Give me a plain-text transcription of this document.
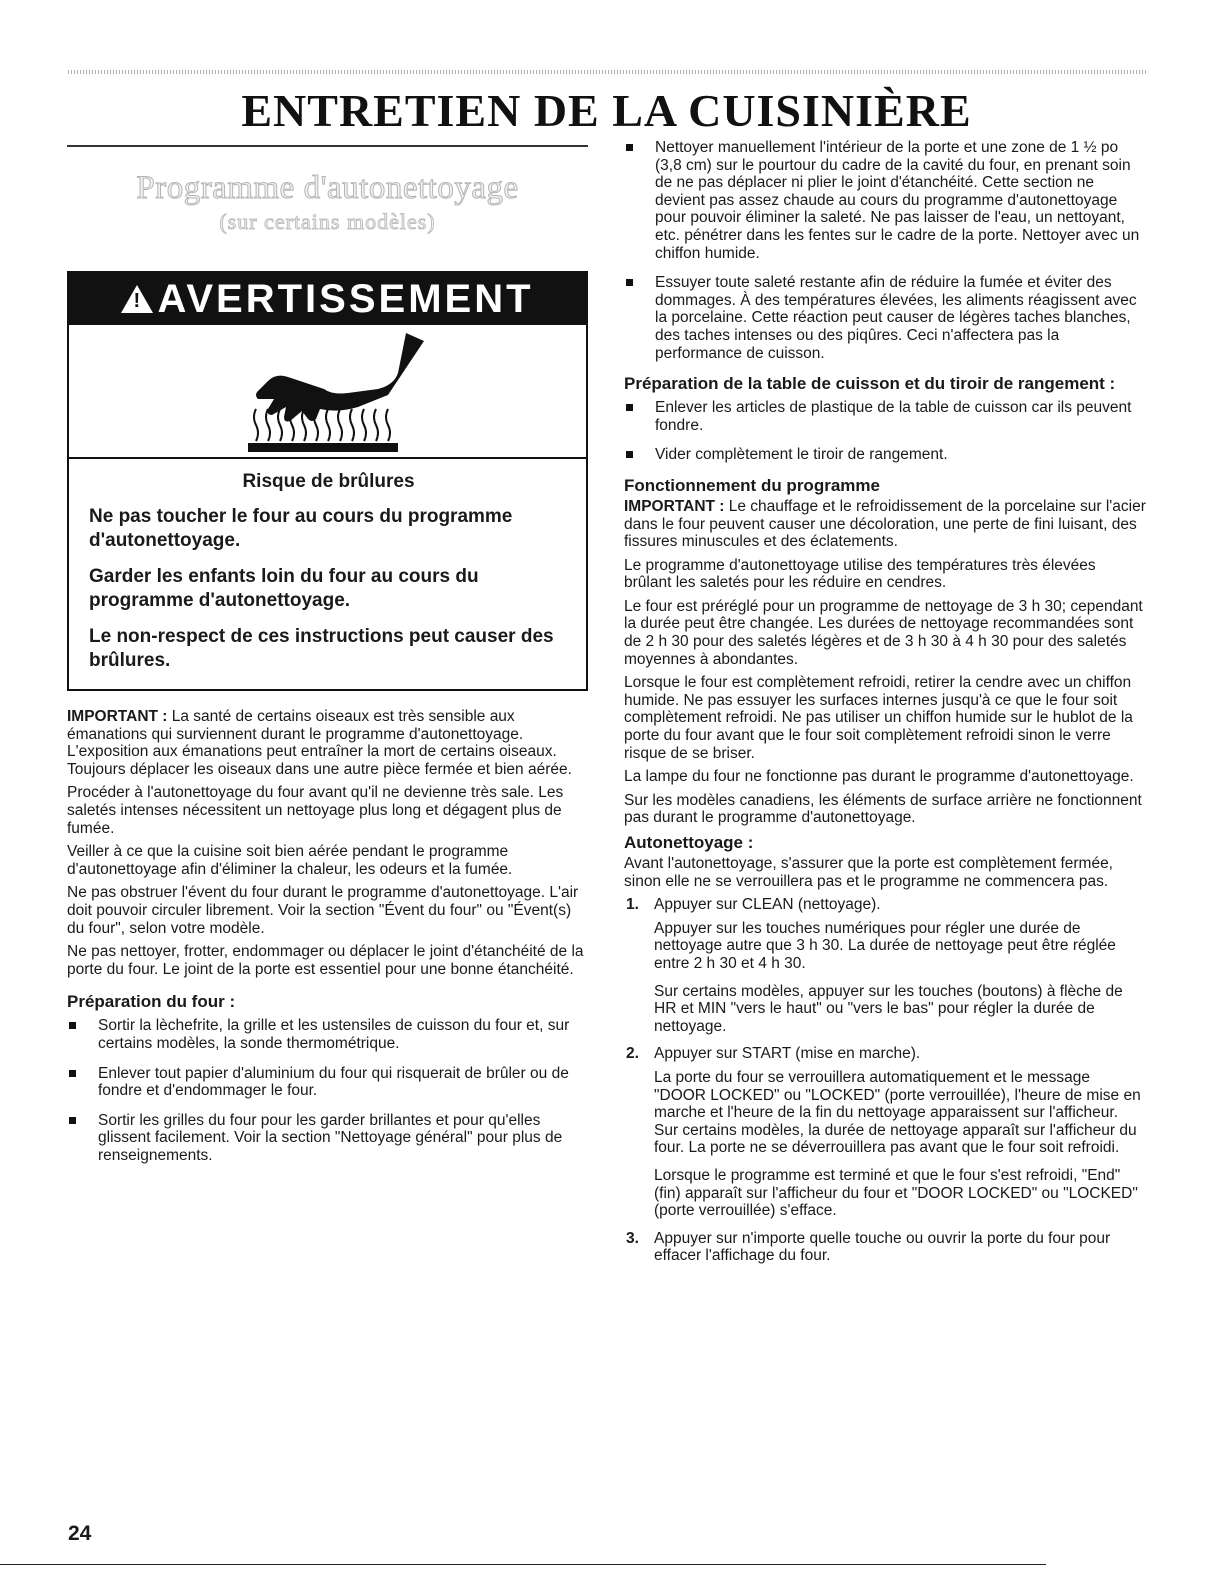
ENTRETIEN DE LA CUISINIÈRE
Programme d'autonettoyage
(sur certains modèles)
! AVERTISSEMENT
Risque de brûlures
Ne pas toucher le four au cours du programme d'autonettoyage.
Garder les enfants loin du four au cours du programme d'autonettoyage.
Le non-respect de ces instructions peut causer des brûlures.

IMPORTANT : La santé de certains oiseaux est très sensible aux émanations qui surviennent durant le programme d'autonettoyage. L'exposition aux émanations peut entraîner la mort de certains oiseaux. Toujours déplacer les oiseaux dans une autre pièce fermée et bien aérée.

Procéder à l'autonettoyage du four avant qu'il ne devienne très sale. Les saletés intenses nécessitent un nettoyage plus long et dégagent plus de fumée.

Veiller à ce que la cuisine soit bien aérée pendant le programme d'autonettoyage afin d'éliminer la chaleur, les odeurs et la fumée.

Ne pas obstruer l'évent du four durant le programme d'autonettoyage. L'air doit pouvoir circuler librement. Voir la section "Évent du four" ou "Évent(s) du four", selon votre modèle.

Ne pas nettoyer, frotter, endommager ou déplacer le joint d'étanchéité de la porte du four. Le joint de la porte est essentiel pour une bonne étanchéité.

Préparation du four :
Sortir la lèchefrite, la grille et les ustensiles de cuisson du four et, sur certains modèles, la sonde thermométrique.
Enlever tout papier d'aluminium du four qui risquerait de brûler ou de fondre et d'endommager le four.
Sortir les grilles du four pour les garder brillantes et pour qu'elles glissent facilement. Voir la section "Nettoyage général" pour plus de renseignements.
Nettoyer manuellement l'intérieur de la porte et une zone de 1 ½ po (3,8 cm) sur le pourtour du cadre de la cavité du four, en prenant soin de ne pas déplacer ni plier le joint d'étanchéité. Cette section ne devient pas assez chaude au cours du programme d'autonettoyage pour pouvoir éliminer la saleté. Ne pas laisser de l'eau, un nettoyant, etc. pénétrer dans les fentes sur le cadre de la porte. Nettoyer avec un chiffon humide.
Essuyer toute saleté restante afin de réduire la fumée et éviter des dommages. À des températures élevées, les aliments réagissent avec la porcelaine. Cette réaction peut causer de légères taches blanches, des taches intenses ou des piqûres. Ceci n'affectera pas la performance de cuisson.
Préparation de la table de cuisson et du tiroir de rangement :
Enlever les articles de plastique de la table de cuisson car ils peuvent fondre.
Vider complètement le tiroir de rangement.
Fonctionnement du programme

IMPORTANT : Le chauffage et le refroidissement de la porcelaine sur l'acier dans le four peuvent causer une décoloration, une perte de fini luisant, des fissures minuscules et des éclatements.

Le programme d'autonettoyage utilise des températures très élevées brûlant les saletés pour les réduire en cendres.

Le four est préréglé pour un programme de nettoyage de 3 h 30; cependant la durée peut être changée. Les durées de nettoyage recommandées sont de 2 h 30 pour des saletés légères et de 3 h 30 à 4 h 30 pour des saletés moyennes à abondantes.

Lorsque le four est complètement refroidi, retirer la cendre avec un chiffon humide. Ne pas essuyer les surfaces internes jusqu'à ce que le four soit complètement refroidi. Ne pas utiliser un chiffon humide sur le hublot de la porte du four avant que le four soit complètement refroidi sinon le verre risque de se briser.

La lampe du four ne fonctionne pas durant le programme d'autonettoyage.

Sur les modèles canadiens, les éléments de surface arrière ne fonctionnent pas durant le programme d'autonettoyage.

Autonettoyage :

Avant l'autonettoyage, s'assurer que la porte est complètement fermée, sinon elle ne se verrouillera pas et le programme ne commencera pas.

1. Appuyer sur CLEAN (nettoyage).
Appuyer sur les touches numériques pour régler une durée de nettoyage autre que 3 h 30. La durée de nettoyage peut être réglée entre 2 h 30 et 4 h 30.
Sur certains modèles, appuyer sur les touches (boutons) à flèche de HR et MIN "vers le haut" ou "vers le bas" pour régler la durée de nettoyage.
2. Appuyer sur START (mise en marche).
La porte du four se verrouillera automatiquement et le message "DOOR LOCKED" ou "LOCKED" (porte verrouillée), l'heure de mise en marche et l'heure de la fin du nettoyage apparaissent sur l'afficheur. Sur certains modèles, la durée de nettoyage apparaît sur l'afficheur du four. La porte ne se déverrouillera pas avant que le four soit refroidi.
Lorsque le programme est terminé et que le four s'est refroidi, "End" (fin) apparaît sur l'afficheur du four et "DOOR LOCKED" ou "LOCKED" (porte verrouillée) s'efface.
3. Appuyer sur n'importe quelle touche ou ouvrir la porte du four pour effacer l'affichage du four.
24
